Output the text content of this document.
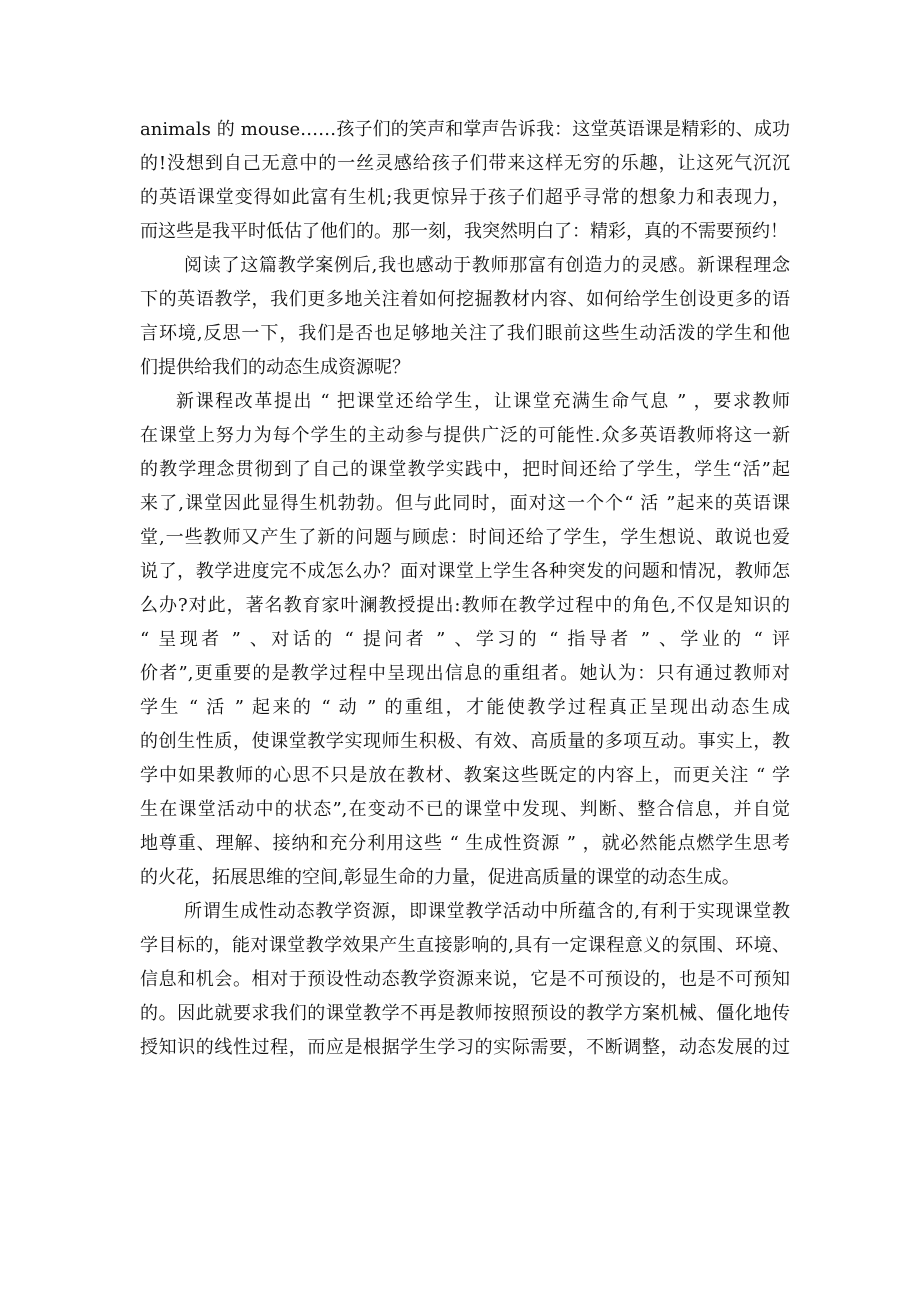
animals 的 mouse……孩子们的笑声和掌声告诉我：这堂英语课是精彩的、成功
的!没想到自己无意中的一丝灵感给孩子们带来这样无穷的乐趣，让这死气沉沉
的英语课堂变得如此富有生机;我更惊异于孩子们超乎寻常的想象力和表现力，
而这些是我平时低估了他们的。那一刻，我突然明白了：精彩，真的不需要预约！
阅读了这篇教学案例后,我也感动于教师那富有创造力的灵感。新课程理念
下的英语教学，我们更多地关注着如何挖掘教材内容、如何给学生创设更多的语
言环境,反思一下，我们是否也足够地关注了我们眼前这些生动活泼的学生和他
们提供给我们的动态生成资源呢？
新课程改革提出 “ 把课堂还给学生，让课堂充满生命气息 ” ，要求教师
在课堂上努力为每个学生的主动参与提供广泛的可能性.众多英语教师将这一新
的教学理念贯彻到了自己的课堂教学实践中，把时间还给了学生，学生“活”起
来了,课堂因此显得生机勃勃。但与此同时，面对这一个个“ 活 ”起来的英语课
堂,一些教师又产生了新的问题与顾虑：时间还给了学生，学生想说、敢说也爱
说了，教学进度完不成怎么办？面对课堂上学生各种突发的问题和情况，教师怎
么办?对此，著名教育家叶澜教授提出:教师在教学过程中的角色,不仅是知识的
“ 呈现者 ” 、对话的 “ 提问者 ” 、学习的 “ 指导者 ” 、学业的 “ 评
价者”,更重要的是教学过程中呈现出信息的重组者。她认为：只有通过教师对
学生 “ 活 ” 起来的 “ 动 ” 的重组，才能使教学过程真正呈现出动态生成
的创生性质，使课堂教学实现师生积极、有效、高质量的多项互动。事实上，教
学中如果教师的心思不只是放在教材、教案这些既定的内容上，而更关注 “ 学
生在课堂活动中的状态”,在变动不已的课堂中发现、判断、整合信息，并自觉
地尊重、理解、接纳和充分利用这些 “ 生成性资源 ” ，就必然能点燃学生思考
的火花，拓展思维的空间,彰显生命的力量，促进高质量的课堂的动态生成。
所谓生成性动态教学资源，即课堂教学活动中所蕴含的,有利于实现课堂教
学目标的，能对课堂教学效果产生直接影响的,具有一定课程意义的氛围、环境、
信息和机会。相对于预设性动态教学资源来说，它是不可预设的，也是不可预知
的。因此就要求我们的课堂教学不再是教师按照预设的教学方案机械、僵化地传
授知识的线性过程，而应是根据学生学习的实际需要，不断调整，动态发展的过
